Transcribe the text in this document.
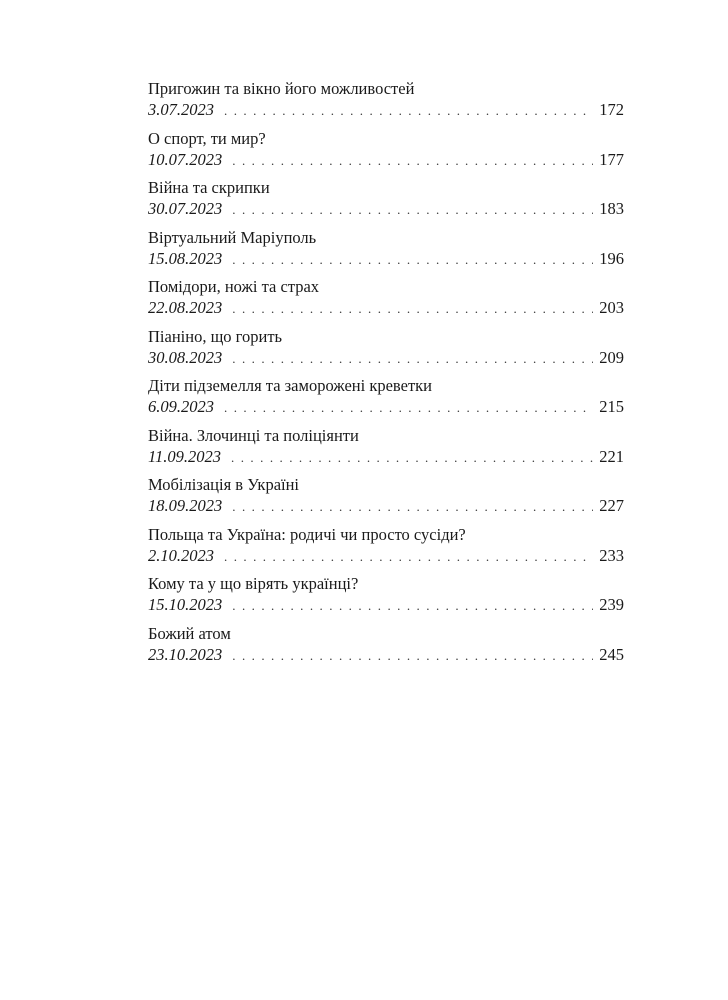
Пригожин та вікно його можливостей
3.07.2023 . . .	172
О спорт, ти мир?
10.07.2023 . . .	177
Війна та скрипки
30.07.2023 . . .	183
Віртуальний Маріуполь
15.08.2023 . . .	196
Помідори, ножі та страх
22.08.2023 . . .	203
Піаніно, що горить
30.08.2023 . . .	209
Діти підземелля та заморожені креветки
6.09.2023 . . .	215
Війна. Злочинці та поліціянти
11.09.2023 . . .	221
Мобілізація в Україні
18.09.2023 . . .	227
Польща та Україна: родичі чи просто сусіди?
2.10.2023 . . .	233
Кому та у що вірять українці?
15.10.2023 . . .	239
Божий атом
23.10.2023 . . .	245
